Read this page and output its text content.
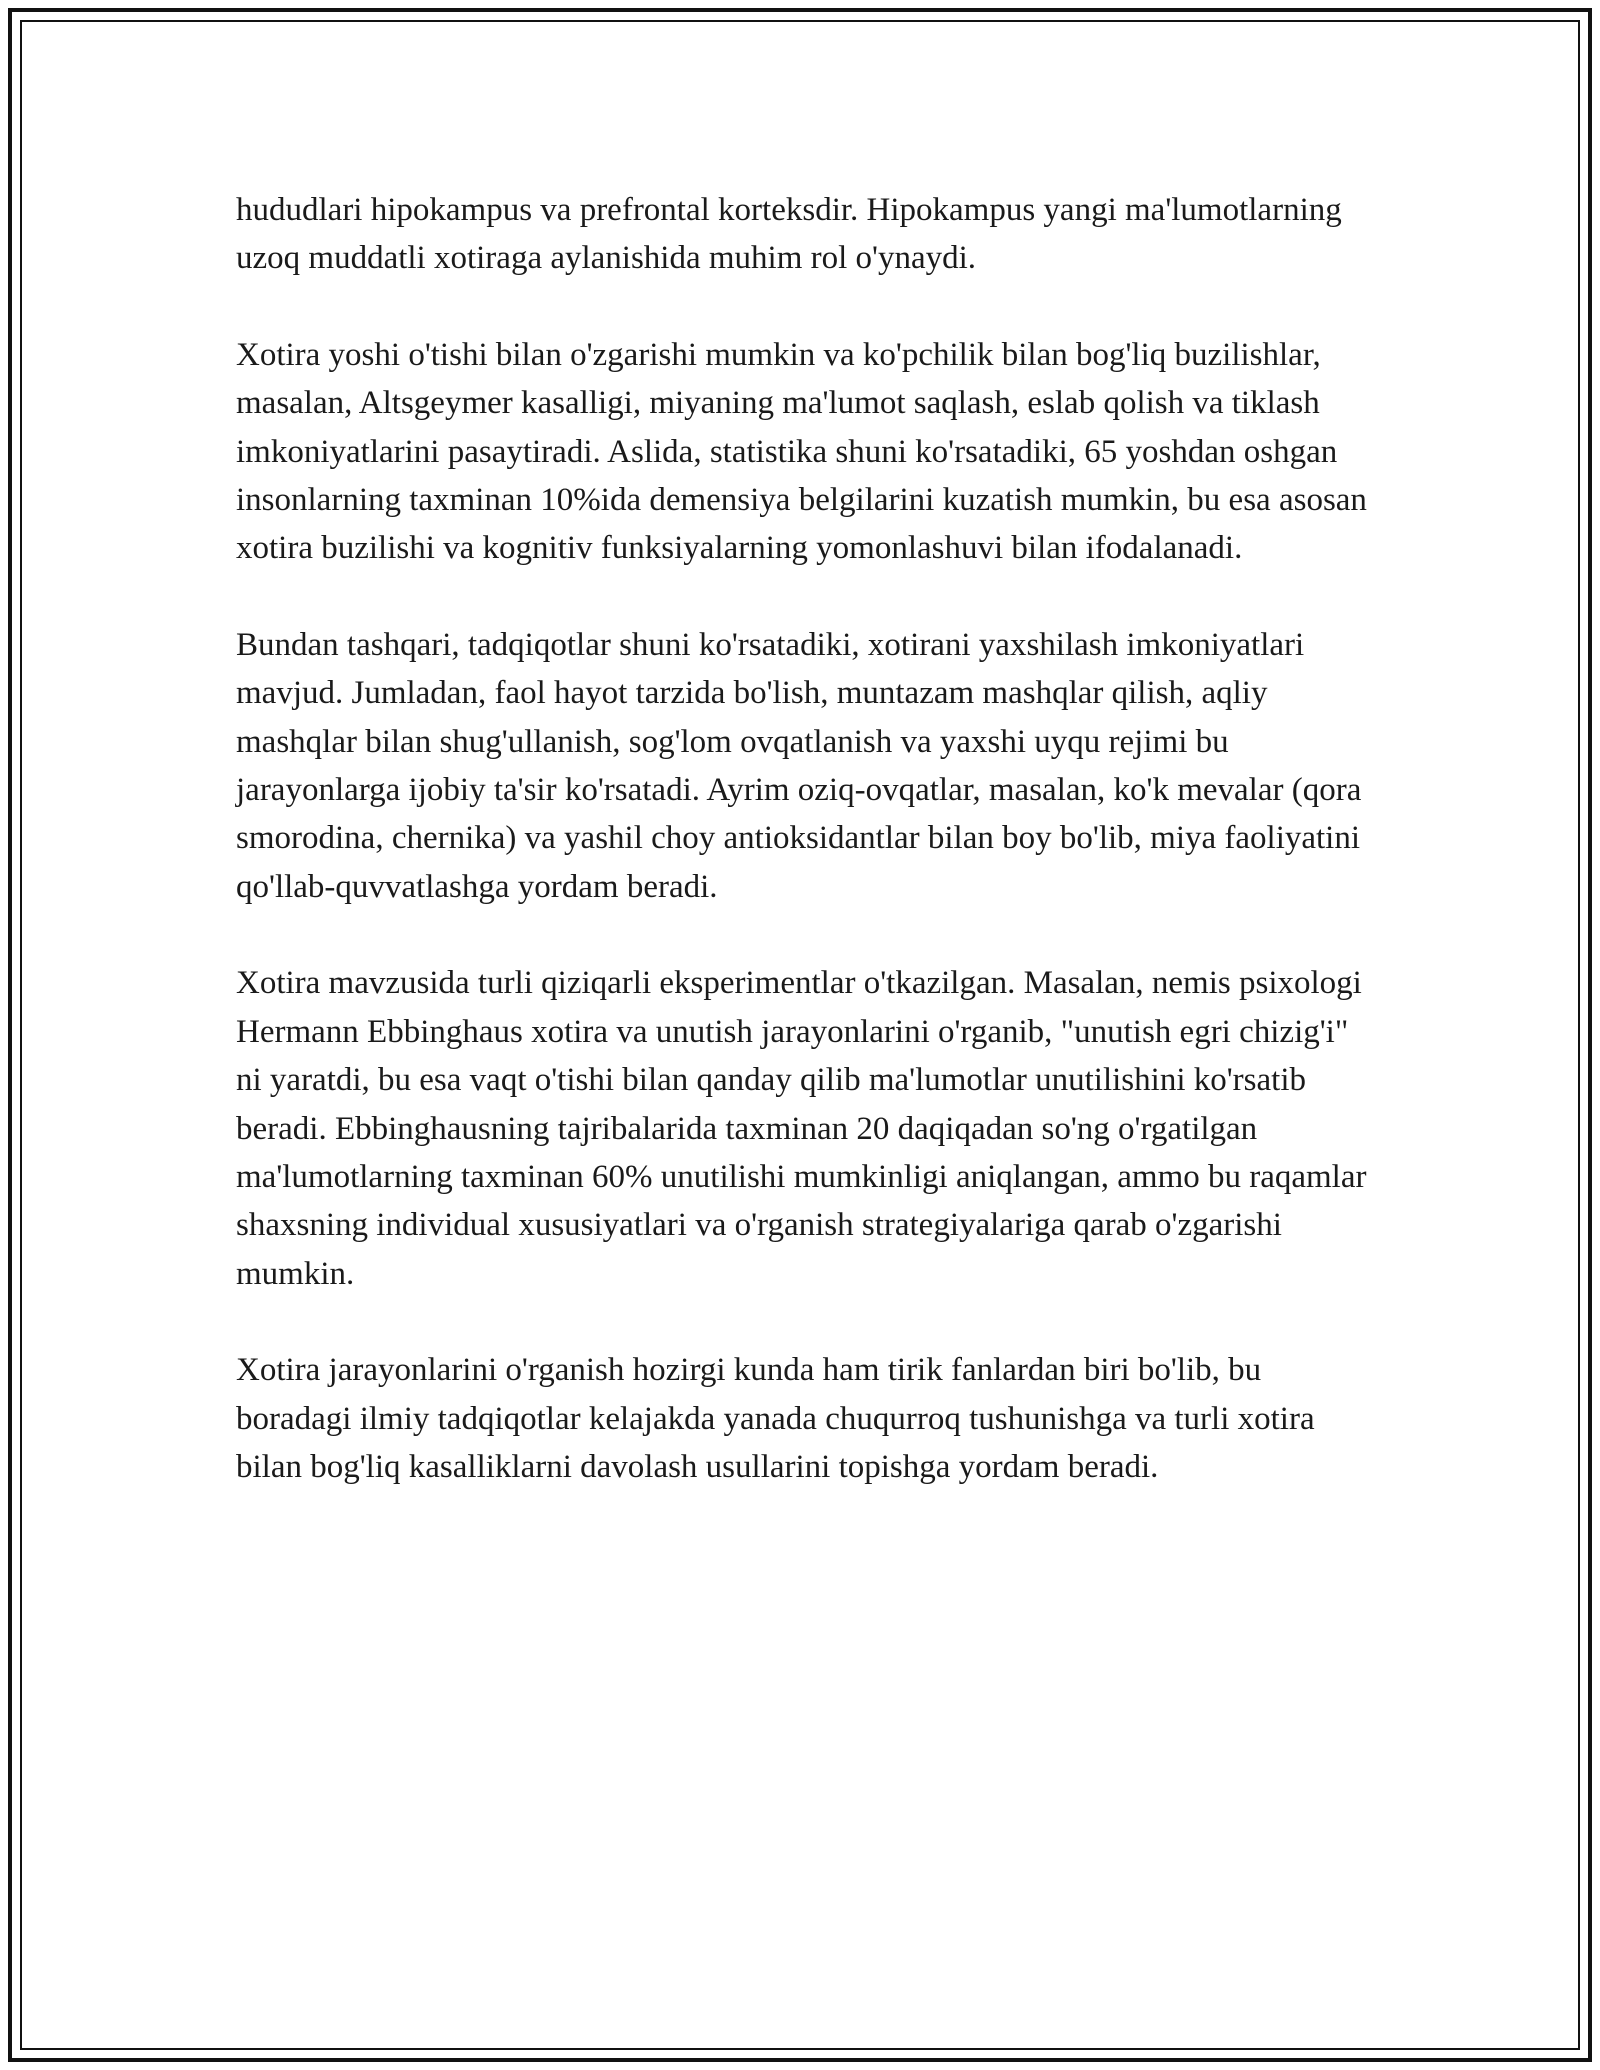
hududlari hipokampus va prefrontal korteksdir. Hipokampus yangi ma'lumotlarning uzoq muddatli xotiraga aylanishida muhim rol o'ynaydi.

Xotira yoshi o'tishi bilan o'zgarishi mumkin va ko'pchilik bilan bog'liq buzilishlar, masalan, Altsgeymer kasalligi, miyaning ma'lumot saqlash, eslab qolish va tiklash imkoniyatlarini pasaytiradi. Aslida, statistika shuni ko'rsatadiki, 65 yoshdan oshgan insonlarning taxminan 10%ida demensiya belgilarini kuzatish mumkin, bu esa asosan xotira buzilishi va kognitiv funksiyalarning yomonlashuvi bilan ifodalanadi.

Bundan tashqari, tadqiqotlar shuni ko'rsatadiki, xotirani yaxshilash imkoniyatlari mavjud. Jumladan, faol hayot tarzida bo'lish, muntazam mashqlar qilish, aqliy mashqlar bilan shug'ullanish, sog'lom ovqatlanish va yaxshi uyqu rejimi bu jarayonlarga ijobiy ta'sir ko'rsatadi. Ayrim oziq-ovqatlar, masalan, ko'k mevalar (qora smorodina, chernika) va yashil choy antioksidantlar bilan boy bo'lib, miya faoliyatini qo'llab-quvvatlashga yordam beradi.

Xotira mavzusida turli qiziqarli eksperimentlar o'tkazilgan. Masalan, nemis psixologi Hermann Ebbinghaus xotira va unutish jarayonlarini o'rganib, "unutish egri chizig'i" ni yaratdi, bu esa vaqt o'tishi bilan qanday qilib ma'lumotlar unutilishini ko'rsatib beradi. Ebbinghausning tajribalarida taxminan 20 daqiqadan so'ng o'rgatilgan ma'lumotlarning taxminan 60% unutilishi mumkinligi aniqlangan, ammo bu raqamlar shaxsning individual xususiyatlari va o'rganish strategiyalariga qarab o'zgarishi mumkin.

Xotira jarayonlarini o'rganish hozirgi kunda ham tirik fanlardan biri bo'lib, bu boradagi ilmiy tadqiqotlar kelajakda yanada chuqurroq tushunishga va turli xotira bilan bog'liq kasalliklarni davolash usullarini topishga yordam beradi.
